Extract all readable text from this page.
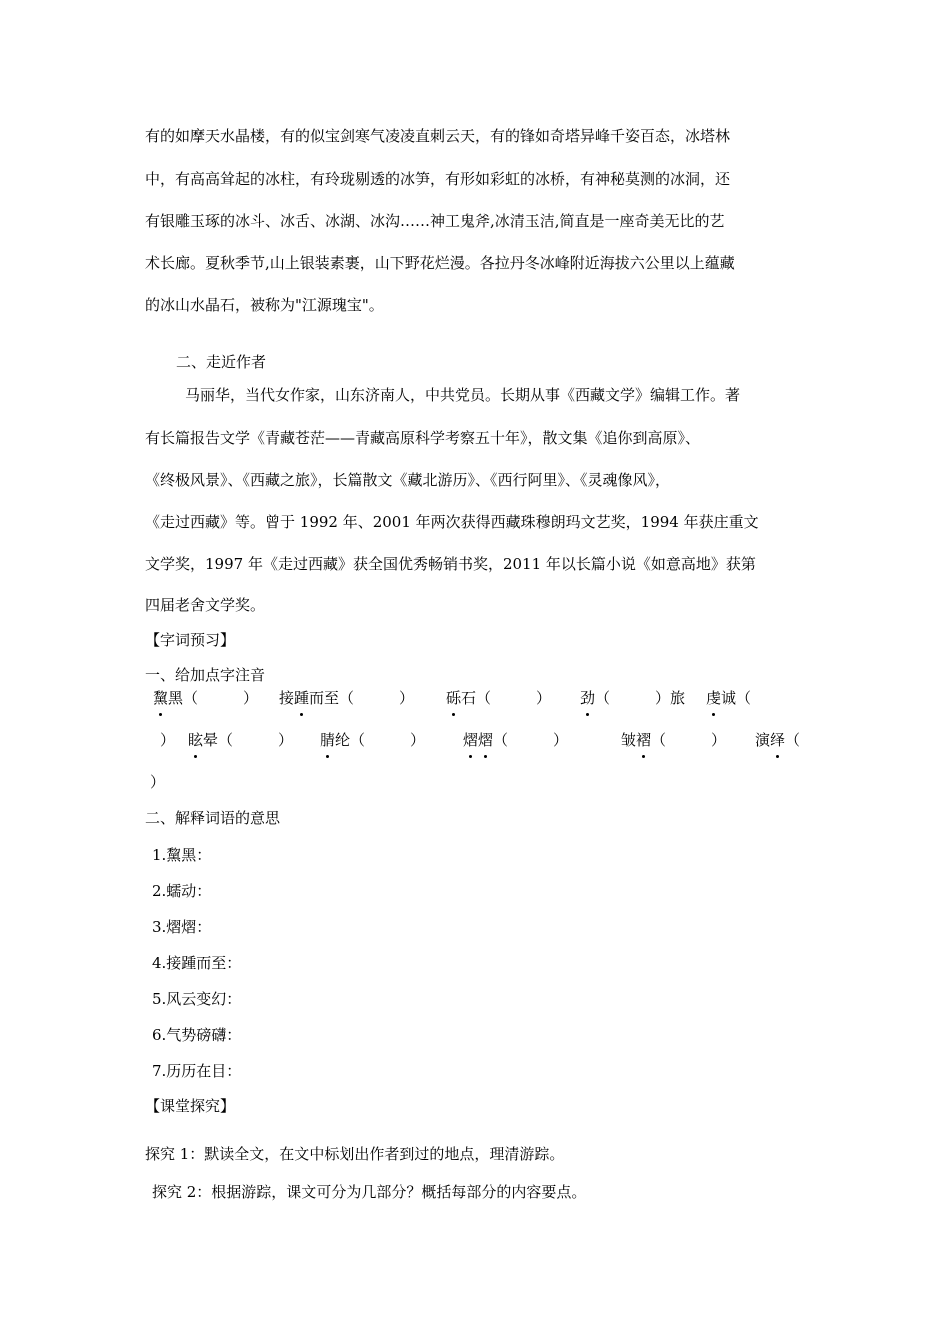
有的如摩天水晶楼，有的似宝剑寒气凌凌直刺云天，有的锋如奇塔异峰千姿百态，冰塔林
中，有高高耸起的冰柱，有玲珑剔透的冰笋，有形如彩虹的冰桥，有神秘莫测的冰洞，还
有银雕玉琢的冰斗、冰舌、冰湖、冰沟……神工鬼斧,冰清玉洁,简直是一座奇美无比的艺
术长廊。夏秋季节,山上银装素裹，山下野花烂漫。各拉丹冬冰峰附近海拔六公里以上蕴藏
的冰山水晶石，被称为"江源瑰宝"。
二、走近作者
马丽华，当代女作家，山东济南人，中共党员。长期从事《西藏文学》编辑工作。著
有长篇报告文学《青藏苍茫——青藏高原科学考察五十年》，散文集《追你到高原》、
《终极风景》、《西藏之旅》，长篇散文《藏北游历》、《西行阿里》、《灵魂像风》，
《走过西藏》等。曾于 1992 年、2001 年两次获得西藏珠穆朗玛文艺奖，1994 年获庄重文
文学奖，1997 年《走过西藏》获全国优秀畅销书奖，2011 年以长篇小说《如意高地》获第
四届老舍文学奖。
【字词预习】
一、给加点字注音
黧黑（　　　） 接踵而至（　　　） 砾石（　　　） 劲（　　　）旅 虔诚（
） 眩晕（　　　） 腈纶（　　　）	熠熠（　　　）	皱褶（　　　） 演绎（
）
二、解释词语的意思
1.黧黑：
2.蠕动：
3.熠熠：
4.接踵而至：
5.风云变幻：
6.气势磅礴：
7.历历在目：
【课堂探究】
探究 1：默读全文，在文中标划出作者到过的地点，理清游踪。
探究 2：根据游踪，课文可分为几部分？概括每部分的内容要点。
